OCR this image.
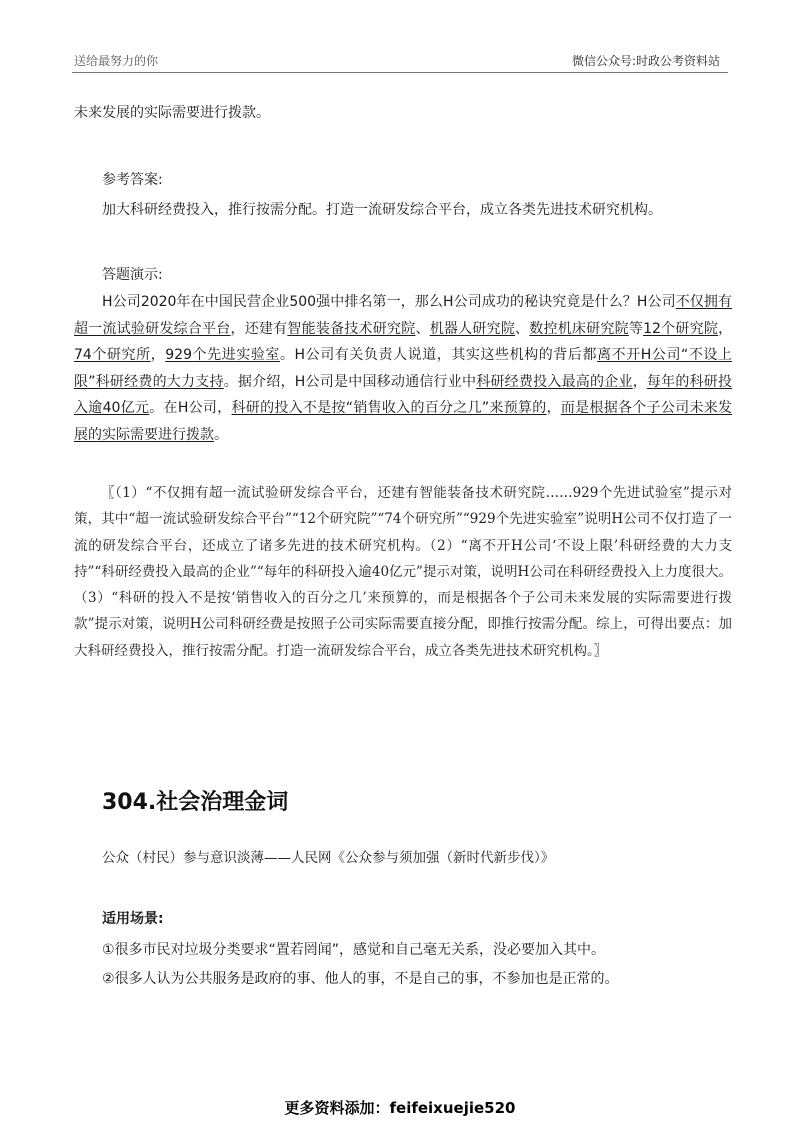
送给最努力的你	微信公众号:时政公考资料站
未来发展的实际需要进行拨款。
参考答案:
加大科研经费投入，推行按需分配。打造一流研发综合平台，成立各类先进技术研究机构。
答题演示:
H公司2020年在中国民营企业500强中排名第一，那么H公司成功的秘诀究竟是什么？H公司不仅拥有超一流试验研发综合平台，还建有智能装备技术研究院、机器人研究院、数控机床研究院等12个研究院，74个研究所，929个先进实验室。H公司有关负责人说道，其实这些机构的背后都离不开H公司“不设上限”科研经费的大力支持。据介绍，H公司是中国移动通信行业中科研经费投入最高的企业，每年的科研投入逾40亿元。在H公司，科研的投入不是按“销售收入的百分之几”来预算的，而是根据各个子公司未来发展的实际需要进行拨款。
〖（1）“不仅拥有超一流试验研发综合平台，还建有智能装备技术研究院……929个先进试验室”提示对策，其中“超一流试验研发综合平台”“12个研究院”“74个研究所”“929个先进实验室”说明H公司不仅打造了一流的研发综合平台，还成立了诸多先进的技术研究机构。（2）“离不开H公司‘不设上限’科研经费的大力支持”“科研经费投入最高的企业”“每年的科研投入逾40亿元”提示对策，说明H公司在科研经费投入上力度很大。（3）“科研的投入不是按‘销售收入的百分之几’来预算的，而是根据各个子公司未来发展的实际需要进行拨款”提示对策，说明H公司科研经费是按照子公司实际需要直接分配，即推行按需分配。综上，可得出要点：加大科研经费投入，推行按需分配。打造一流研发综合平台，成立各类先进技术研究机构。〗
304.社会治理金词
公众（村民）参与意识淡薄——人民网《公众参与须加强（新时代新步伐）》
适用场景:
①很多市民对垃圾分类要求“置若罔闻”，感觉和自己毫无关系，没必要加入其中。
②很多人认为公共服务是政府的事、他人的事，不是自己的事，不参加也是正常的。
更多资料添加：feifeixuejie520
